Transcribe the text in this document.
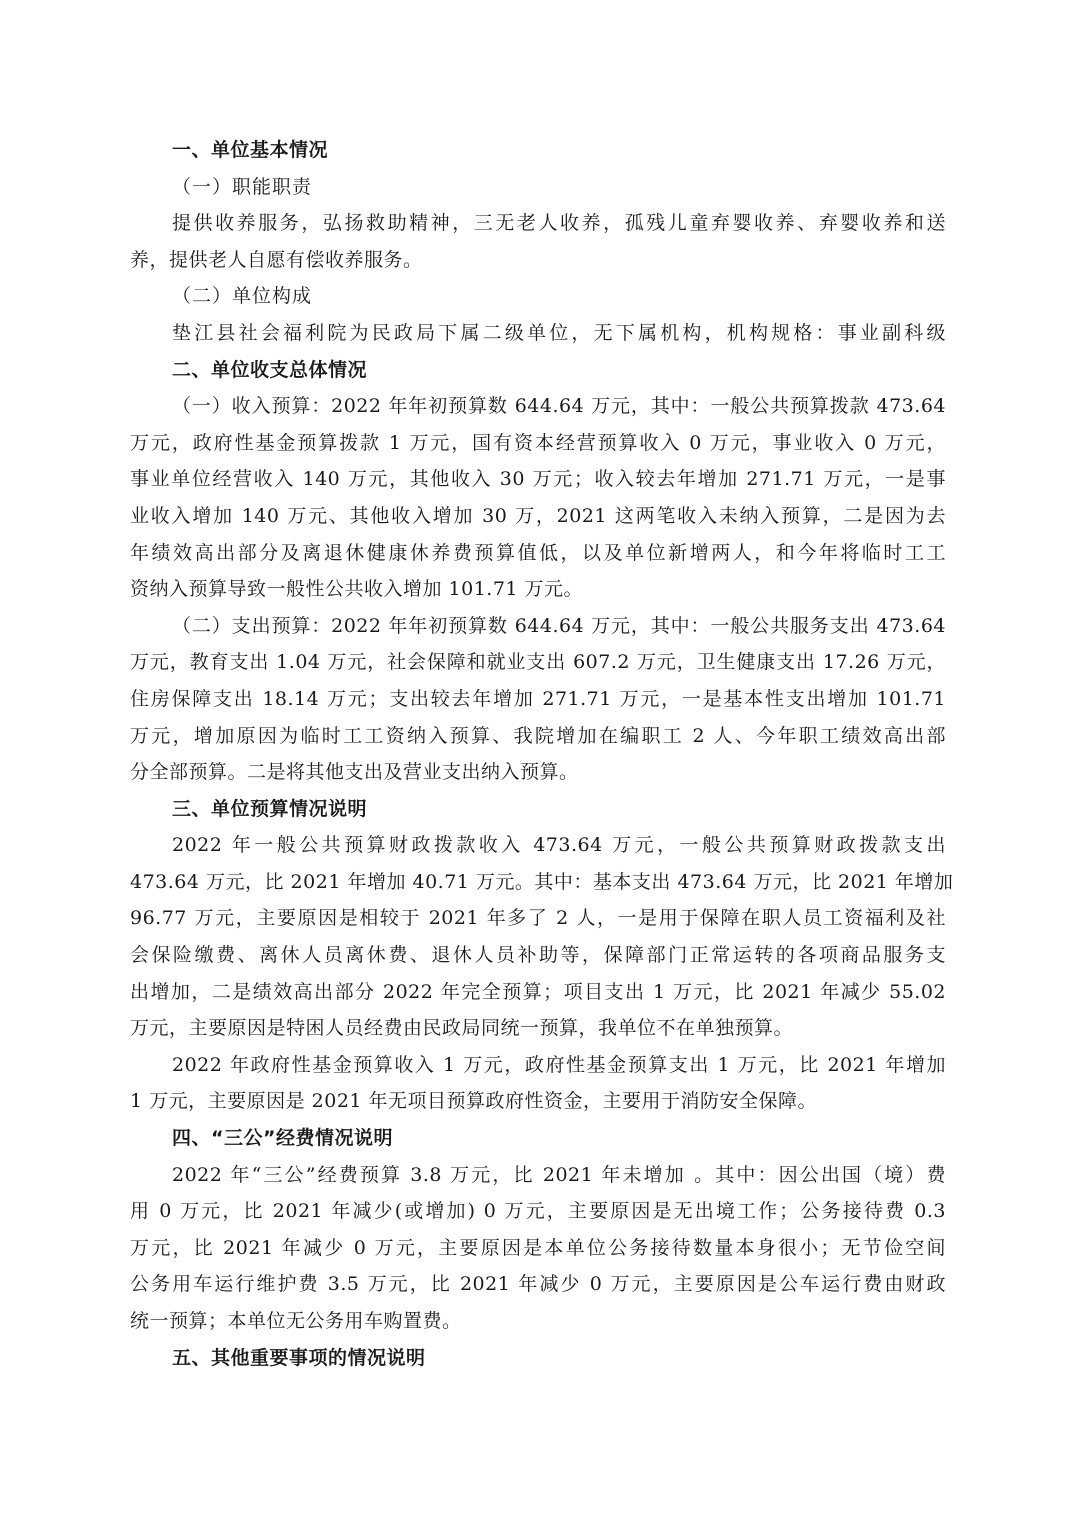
一、单位基本情况
（一）职能职责
提供收养服务，弘扬救助精神，三无老人收养，孤残儿童弃婴收养、弃婴收养和送
养，提供老人自愿有偿收养服务。
（二）单位构成
垫江县社会福利院为民政局下属二级单位，无下属机构，机构规格：事业副科级
二、单位收支总体情况
（一）收入预算：2022 年年初预算数 644.64 万元，其中：一般公共预算拨款 473.64
万元，政府性基金预算拨款 1 万元，国有资本经营预算收入 0 万元，事业收入 0 万元，
事业单位经营收入 140 万元，其他收入 30 万元；收入较去年增加 271.71 万元，一是事
业收入增加 140 万元、其他收入增加 30 万，2021 这两笔收入未纳入预算，二是因为去
年绩效高出部分及离退休健康休养费预算值低，以及单位新增两人，和今年将临时工工
资纳入预算导致一般性公共收入增加 101.71 万元。
（二）支出预算：2022 年年初预算数 644.64 万元，其中：一般公共服务支出 473.64
万元，教育支出 1.04 万元，社会保障和就业支出 607.2 万元，卫生健康支出 17.26 万元，
住房保障支出 18.14 万元；支出较去年增加 271.71 万元，一是基本性支出增加 101.71
万元，增加原因为临时工工资纳入预算、我院增加在编职工 2 人、今年职工绩效高出部
分全部预算。二是将其他支出及营业支出纳入预算。
三、单位预算情况说明
2022 年一般公共预算财政拨款收入 473.64 万元，一般公共预算财政拨款支出
473.64 万元，比 2021 年增加 40.71 万元。其中：基本支出 473.64 万元，比 2021 年增加
96.77 万元，主要原因是相较于 2021 年多了 2 人，一是用于保障在职人员工资福利及社
会保险缴费、离休人员离休费、退休人员补助等，保障部门正常运转的各项商品服务支
出增加，二是绩效高出部分 2022 年完全预算；项目支出 1 万元，比 2021 年减少 55.02
万元，主要原因是特困人员经费由民政局同统一预算，我单位不在单独预算。
2022 年政府性基金预算收入 1 万元，政府性基金预算支出 1 万元，比 2021 年增加
1 万元，主要原因是 2021 年无项目预算政府性资金，主要用于消防安全保障。
四、“三公”经费情况说明
2022 年“三公”经费预算 3.8 万元，比 2021 年未增加 。其中：因公出国（境）费
用 0 万元，比 2021 年减少(或增加) 0 万元，主要原因是无出境工作；公务接待费 0.3
万元，比 2021 年减少 0 万元，主要原因是本单位公务接待数量本身很小；无节俭空间
公务用车运行维护费 3.5 万元，比 2021 年减少 0 万元，主要原因是公车运行费由财政
统一预算；本单位无公务用车购置费。
五、其他重要事项的情况说明
